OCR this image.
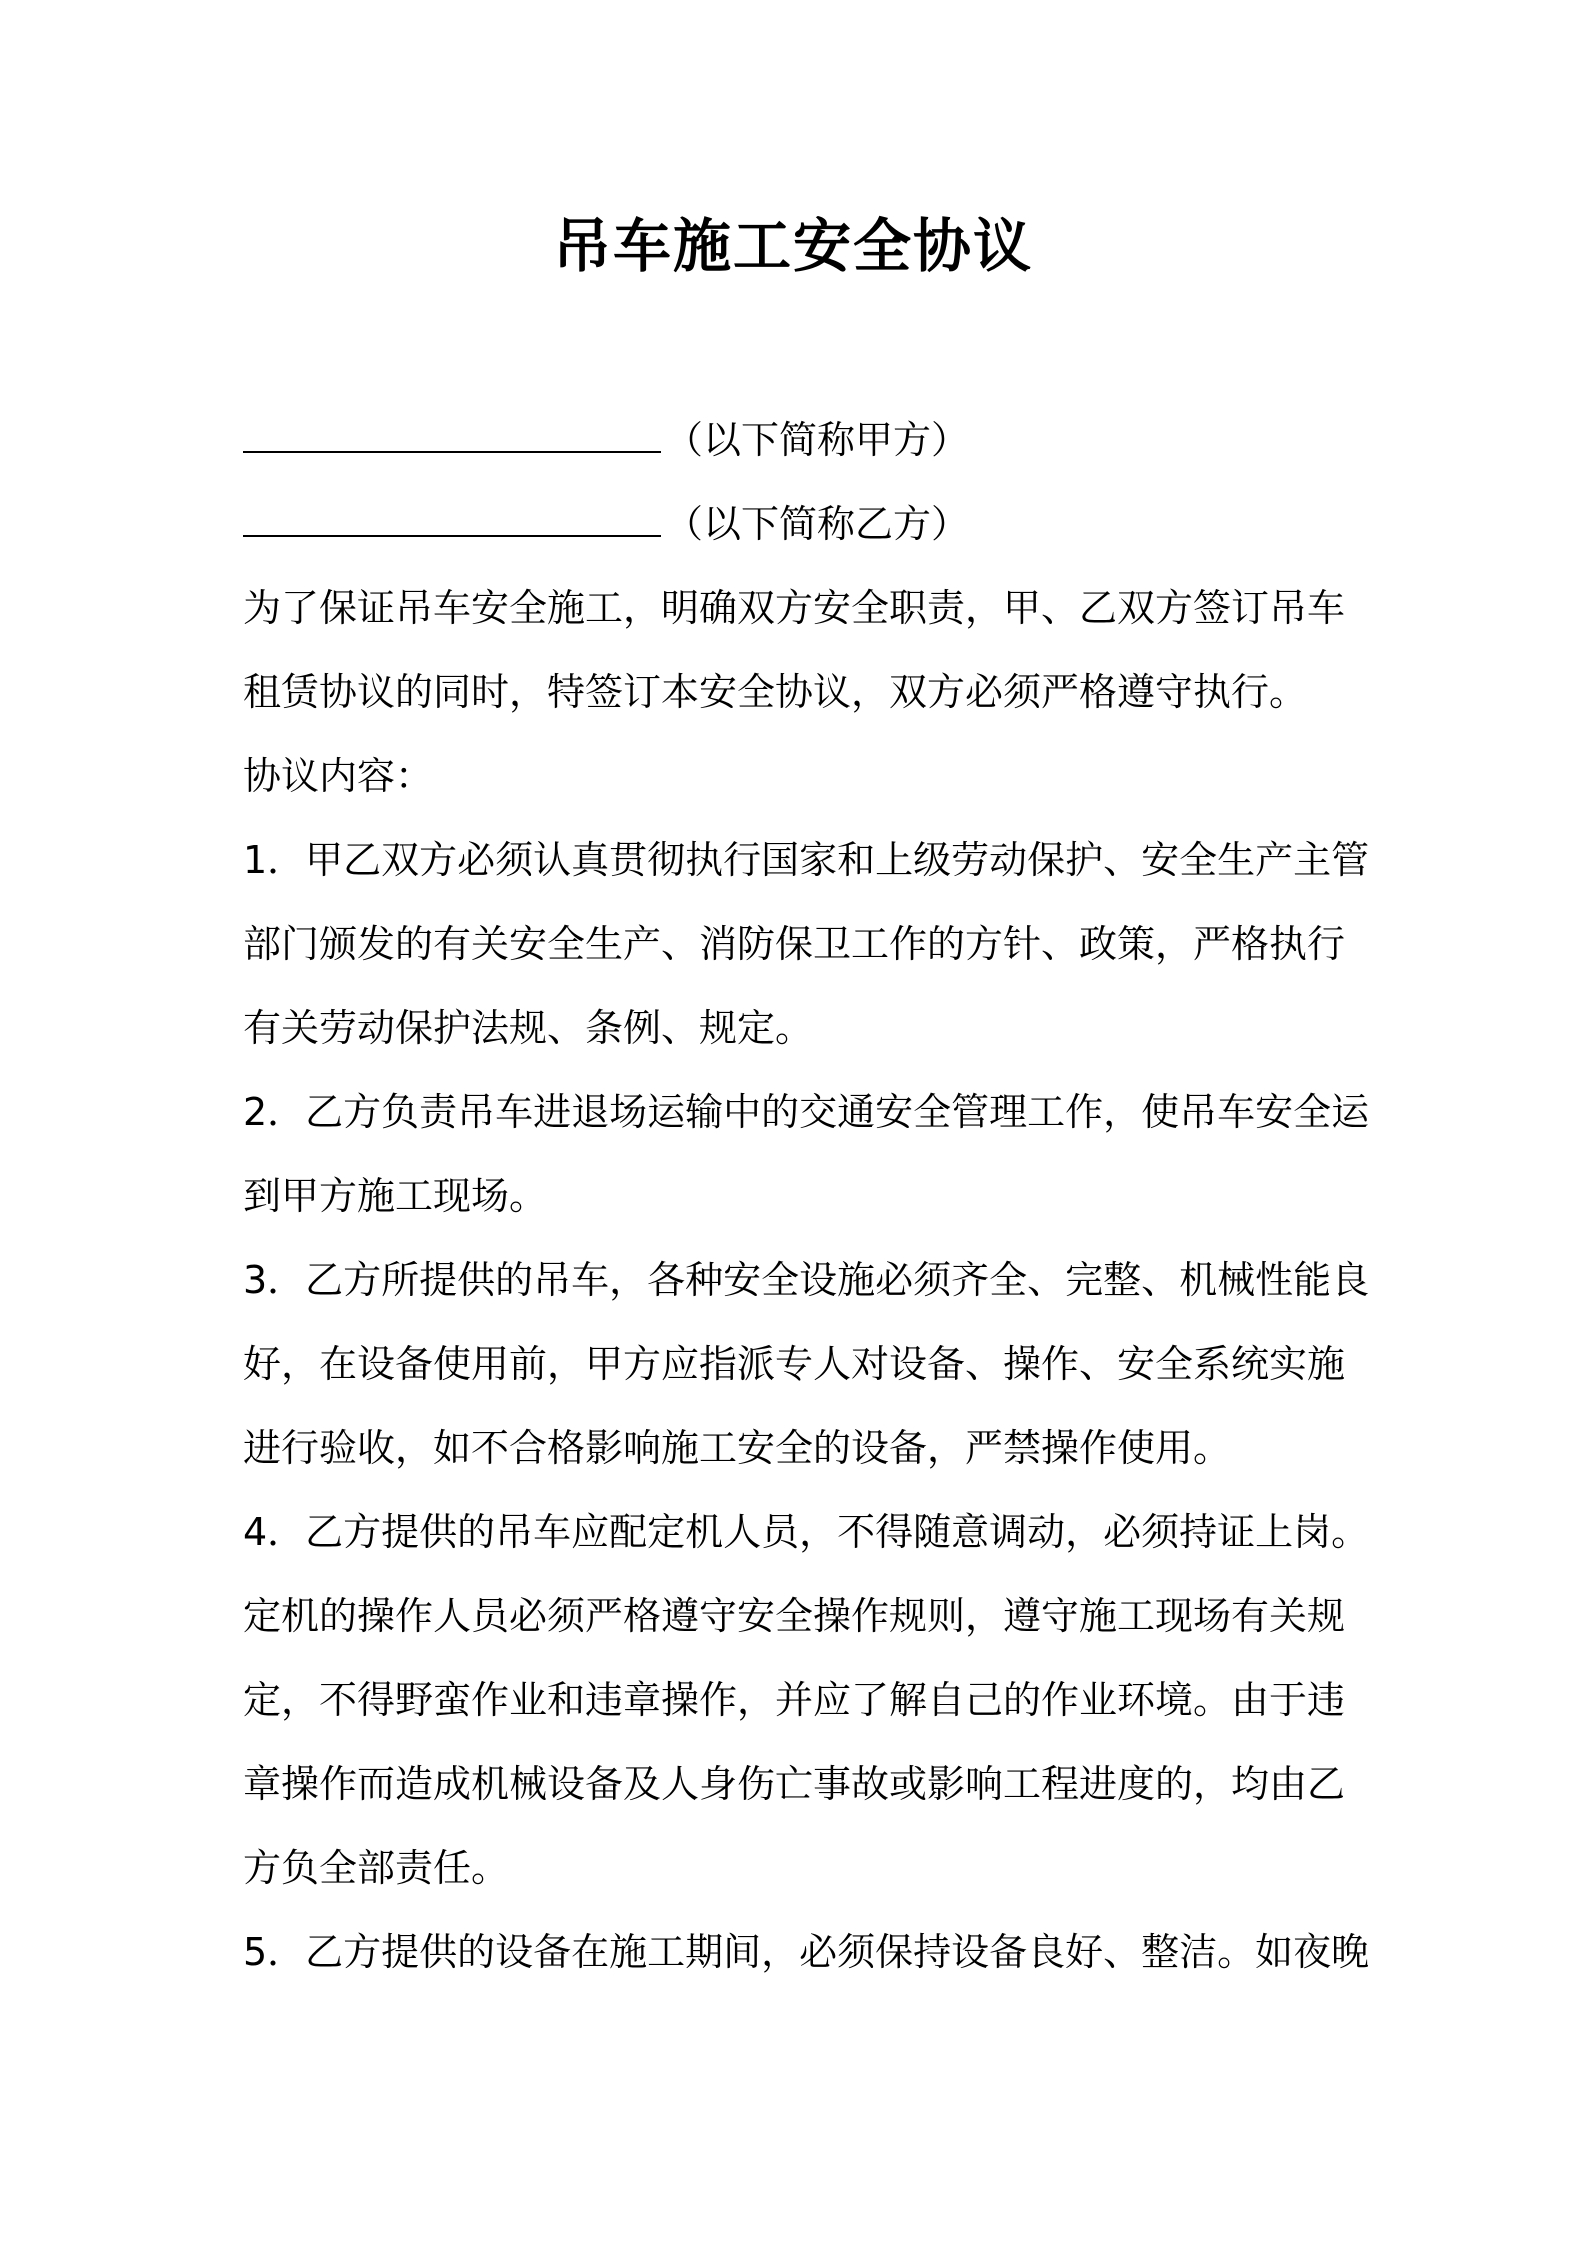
吊车施工安全协议

（以下简称甲方）

（以下简称乙方）

为了保证吊车安全施工，明确双方安全职责，甲、乙双方签订吊车租赁协议的同时，特签订本安全协议，双方必须严格遵守执行。

协议内容：

1．甲乙双方必须认真贯彻执行国家和上级劳动保护、安全生产主管部门颁发的有关安全生产、消防保卫工作的方针、政策，严格执行有关劳动保护法规、条例、规定。

2．乙方负责吊车进退场运输中的交通安全管理工作，使吊车安全运到甲方施工现场。

3．乙方所提供的吊车，各种安全设施必须齐全、完整、机械性能良好，在设备使用前，甲方应指派专人对设备、操作、安全系统实施进行验收，如不合格影响施工安全的设备，严禁操作使用。

4．乙方提供的吊车应配定机人员，不得随意调动，必须持证上岗。定机的操作人员必须严格遵守安全操作规则，遵守施工现场有关规定，不得野蛮作业和违章操作，并应了解自己的作业环境。由于违章操作而造成机械设备及人身伤亡事故或影响工程进度的，均由乙方负全部责任。

5．乙方提供的设备在施工期间，必须保持设备良好、整洁。如夜晚
